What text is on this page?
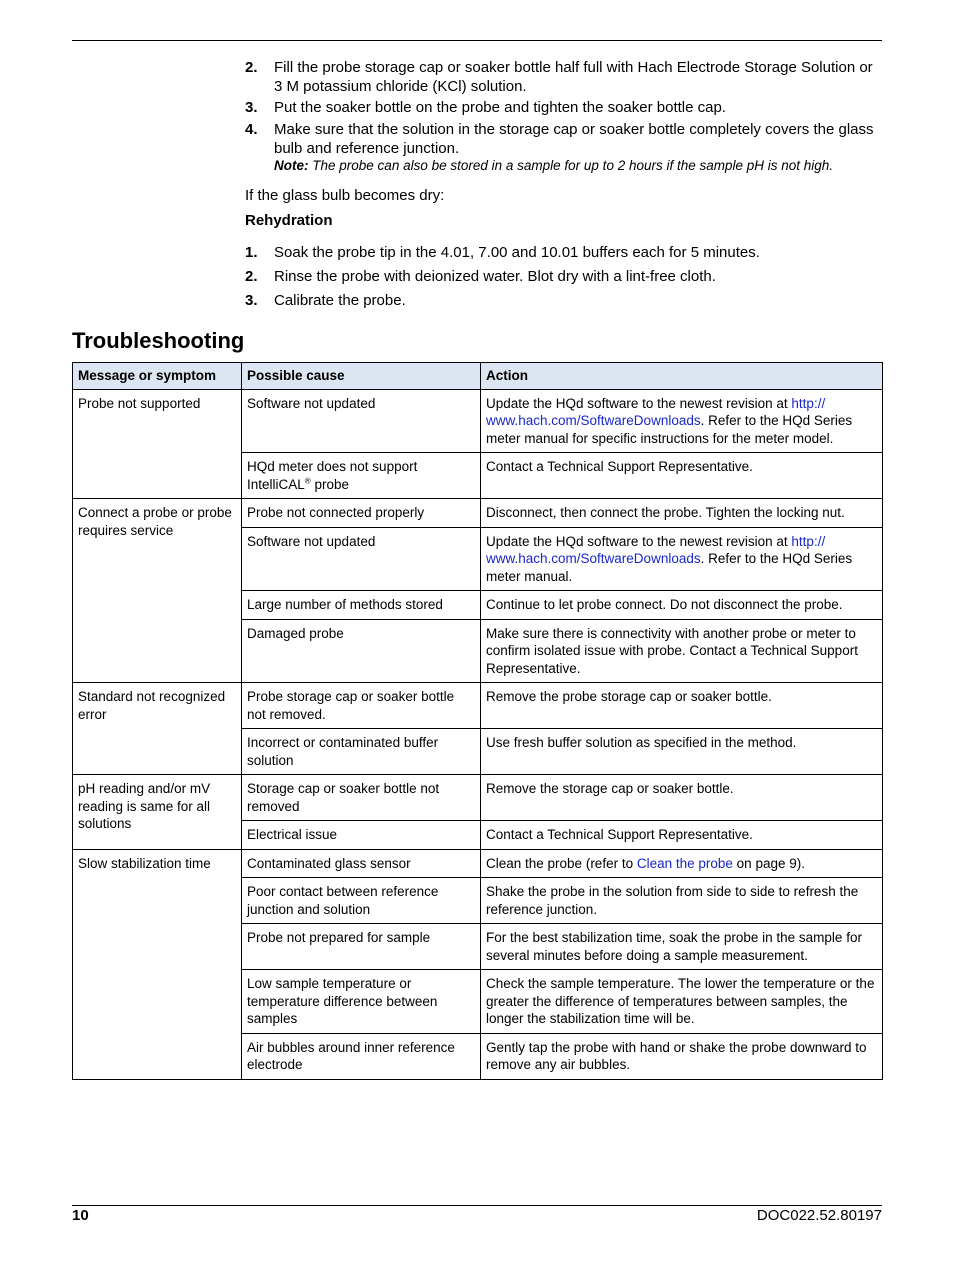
2. Fill the probe storage cap or soaker bottle half full with Hach Electrode Storage Solution or 3 M potassium chloride (KCl) solution.
3. Put the soaker bottle on the probe and tighten the soaker bottle cap.
4. Make sure that the solution in the storage cap or soaker bottle completely covers the glass bulb and reference junction.
Note: The probe can also be stored in a sample for up to 2 hours if the sample pH is not high.
If the glass bulb becomes dry:
Rehydration
1. Soak the probe tip in the 4.01, 7.00 and 10.01 buffers each for 5 minutes.
2. Rinse the probe with deionized water. Blot dry with a lint-free cloth.
3. Calibrate the probe.
Troubleshooting
Message or symptom	Possible cause	Action
Probe not supported	Software not updated	Update the HQd software to the newest revision at http:// www.hach.com/SoftwareDownloads. Refer to the HQd Series meter manual for specific instructions for the meter model.
	HQd meter does not support IntelliCAL® probe	Contact a Technical Support Representative.
Connect a probe or probe requires service	Probe not connected properly	Disconnect, then connect the probe. Tighten the locking nut.
	Software not updated	Update the HQd software to the newest revision at http:// www.hach.com/SoftwareDownloads. Refer to the HQd Series meter manual.
	Large number of methods stored	Continue to let probe connect. Do not disconnect the probe.
	Damaged probe	Make sure there is connectivity with another probe or meter to confirm isolated issue with probe. Contact a Technical Support Representative.
Standard not recognized error	Probe storage cap or soaker bottle not removed.	Remove the probe storage cap or soaker bottle.
	Incorrect or contaminated buffer solution	Use fresh buffer solution as specified in the method.
pH reading and/or mV reading is same for all solutions	Storage cap or soaker bottle not removed	Remove the storage cap or soaker bottle.
	Electrical issue	Contact a Technical Support Representative.
Slow stabilization time	Contaminated glass sensor	Clean the probe (refer to Clean the probe on page 9).
	Poor contact between reference junction and solution	Shake the probe in the solution from side to side to refresh the reference junction.
	Probe not prepared for sample	For the best stabilization time, soak the probe in the sample for several minutes before doing a sample measurement.
	Low sample temperature or temperature difference between samples	Check the sample temperature. The lower the temperature or the greater the difference of temperatures between samples, the longer the stabilization time will be.
	Air bubbles around inner reference electrode	Gently tap the probe with hand or shake the probe downward to remove any air bubbles.
10	DOC022.52.80197
